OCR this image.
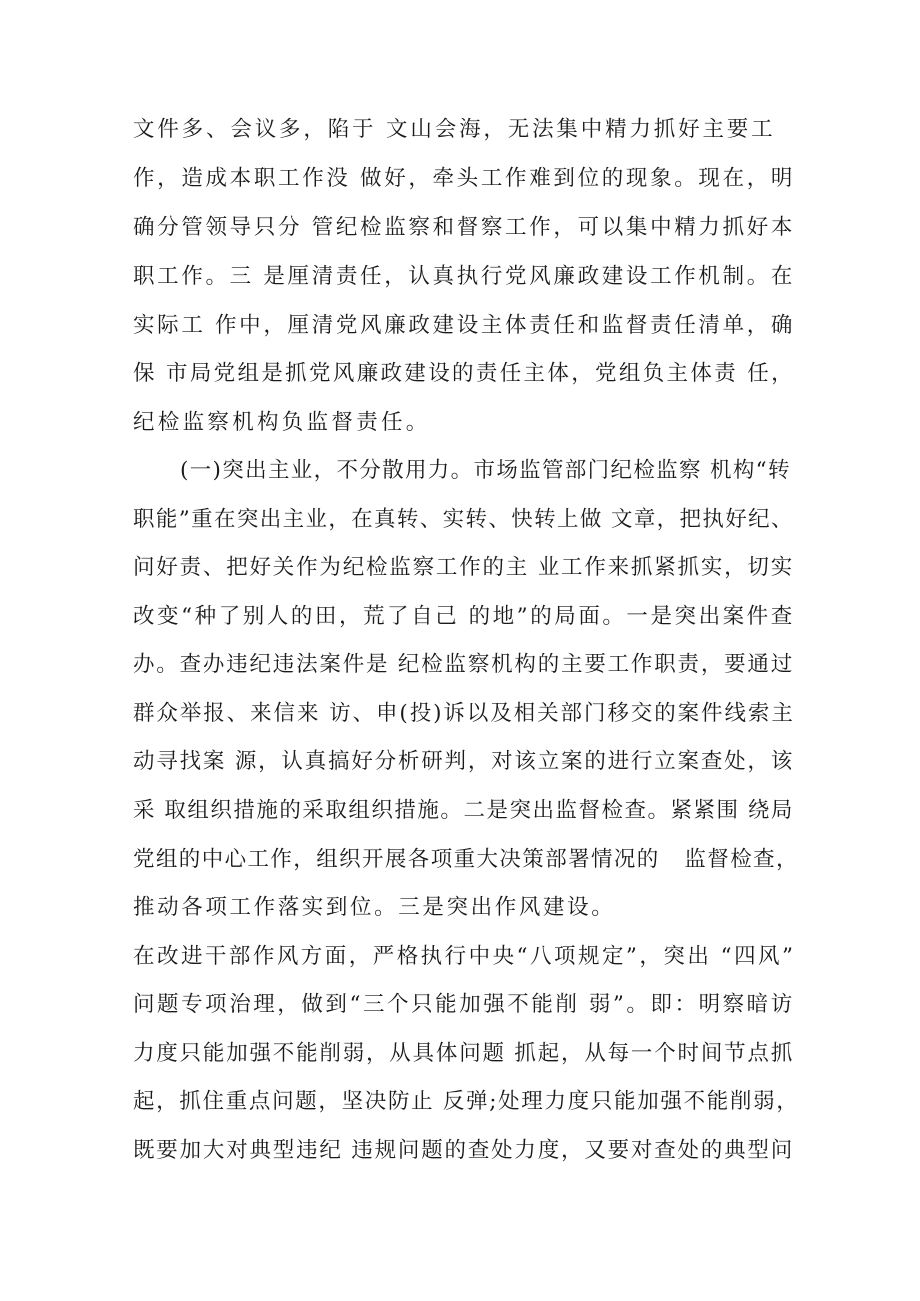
文件多、会议多，陷于 文山会海，无法集中精力抓好主要工
作，造成本职工作没 做好，牵头工作难到位的现象。现在，明
确分管领导只分 管纪检监察和督察工作，可以集中精力抓好本
职工作。三 是厘清责任，认真执行党风廉政建设工作机制。在
实际工 作中，厘清党风廉政建设主体责任和监督责任清单，确
保 市局党组是抓党风廉政建设的责任主体，党组负主体责 任，
纪检监察机构负监督责任。
(一)突出主业，不分散用力。市场监管部门纪检监察 机构“转
职能”重在突出主业，在真转、实转、快转上做 文章，把执好纪、
问好责、把好关作为纪检监察工作的主 业工作来抓紧抓实，切实
改变“种了别人的田，荒了自己 的地”的局面。一是突出案件查
办。查办违纪违法案件是 纪检监察机构的主要工作职责，要通过
群众举报、来信来 访、申(投)诉以及相关部门移交的案件线索主
动寻找案 源，认真搞好分析研判，对该立案的进行立案查处，该
采 取组织措施的采取组织措施。二是突出监督检查。紧紧围 绕局
党组的中心工作，组织开展各项重大决策部署情况的   监督检查，
推动各项工作落实到位。三是突出作风建设。
在改进干部作风方面，严格执行中央“八项规定”，突出 “四风”
问题专项治理，做到“三个只能加强不能削 弱”。即：明察暗访
力度只能加强不能削弱，从具体问题 抓起，从每一个时间节点抓
起，抓住重点问题，坚决防止 反弹;处理力度只能加强不能削弱，
既要加大对典型违纪 违规问题的查处力度，又要对查处的典型问
